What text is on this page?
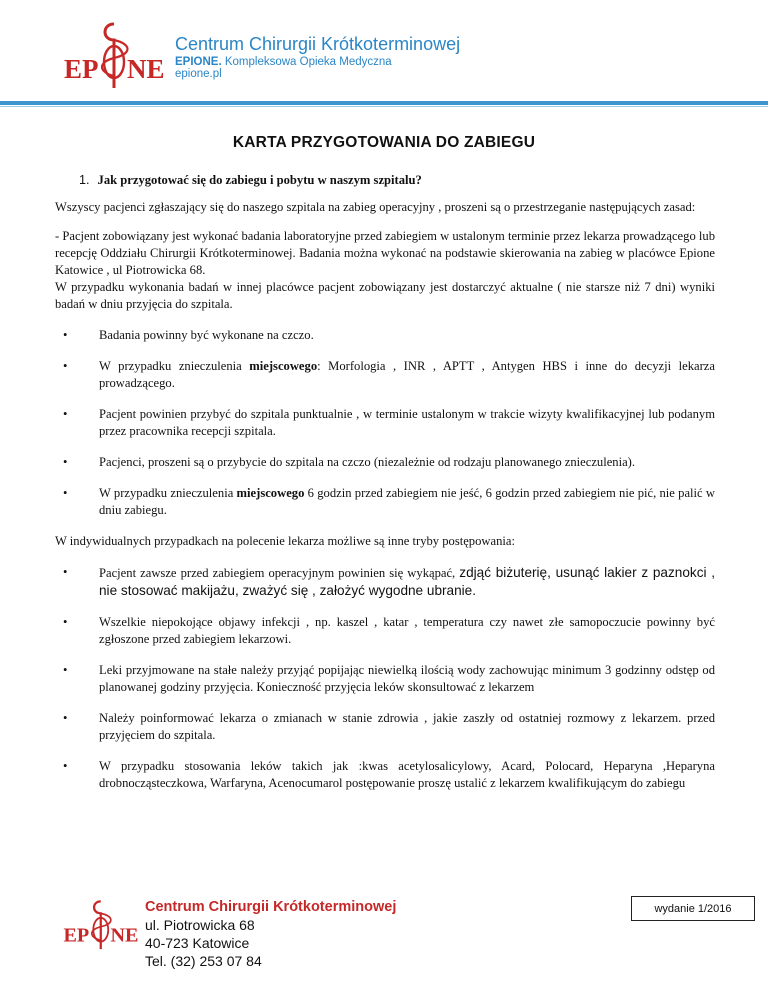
EP NE
Centrum Chirurgii Krótkoterminowej
EPIONE. Kompleksowa Opieka Medyczna
epione.pl
KARTA PRZYGOTOWANIA DO ZABIEGU
1. Jak przygotować się do zabiegu i pobytu w naszym szpitalu?

Wszyscy pacjenci zgłaszający się do naszego szpitala na zabieg operacyjny , proszeni są o przestrzeganie następujących zasad:

- Pacjent zobowiązany jest wykonać badania laboratoryjne przed zabiegiem w ustalonym terminie przez lekarza prowadzącego lub recepcję Oddziału Chirurgii Krótkoterminowej. Badania można wykonać na podstawie skierowania na zabieg w placówce Epione Katowice , ul Piotrowicka 68.
W przypadku wykonania badań w innej placówce pacjent zobowiązany jest dostarczyć aktualne ( nie starsze niż 7 dni) wyniki badań w dniu przyjęcia do szpitala.

•	Badania powinny być wykonane na czczo.
•	W przypadku znieczulenia miejscowego: Morfologia , INR , APTT , Antygen HBS i inne do decyzji lekarza prowadzącego.
•	Pacjent powinien przybyć do szpitala punktualnie , w terminie ustalonym w trakcie wizyty kwalifikacyjnej lub podanym przez pracownika recepcji szpitala.
•	Pacjenci, proszeni są o przybycie do szpitala na czczo (niezależnie od rodzaju planowanego znieczulenia).
•	W przypadku znieczulenia miejscowego 6 godzin przed zabiegiem nie jeść, 6 godzin przed zabiegiem nie pić, nie palić w dniu zabiegu.

W indywidualnych przypadkach na polecenie lekarza możliwe są inne tryby postępowania:

•	Pacjent zawsze przed zabiegiem operacyjnym powinien się wykąpać, zdjąć biżuterię, usunąć lakier z paznokci , nie stosować makijażu, zważyć się , założyć wygodne ubranie.
•	Wszelkie niepokojące objawy infekcji , np. kaszel , katar , temperatura czy nawet złe samopoczucie powinny być zgłoszone przed zabiegiem lekarzowi.
•	Leki przyjmowane na stałe należy przyjąć popijając niewielką ilością wody zachowując minimum 3 godzinny odstęp od planowanej godziny przyjęcia. Konieczność przyjęcia leków skonsultować z lekarzem
•	Należy poinformować lekarza o zmianach w stanie zdrowia , jakie zaszły od ostatniej rozmowy z lekarzem. przed przyjęciem do szpitala.
•	W przypadku stosowania leków takich jak :kwas acetylosalicylowy, Acard, Polocard, Heparyna ,Heparyna drobnocząsteczkowa, Warfaryna, Acenocumarol postępowanie proszę ustalić z lekarzem kwalifikującym do zabiegu
EP NE
Centrum Chirurgii Krótkoterminowej
ul. Piotrowicka 68
40-723 Katowice
Tel. (32) 253 07 84
wydanie 1/2016
